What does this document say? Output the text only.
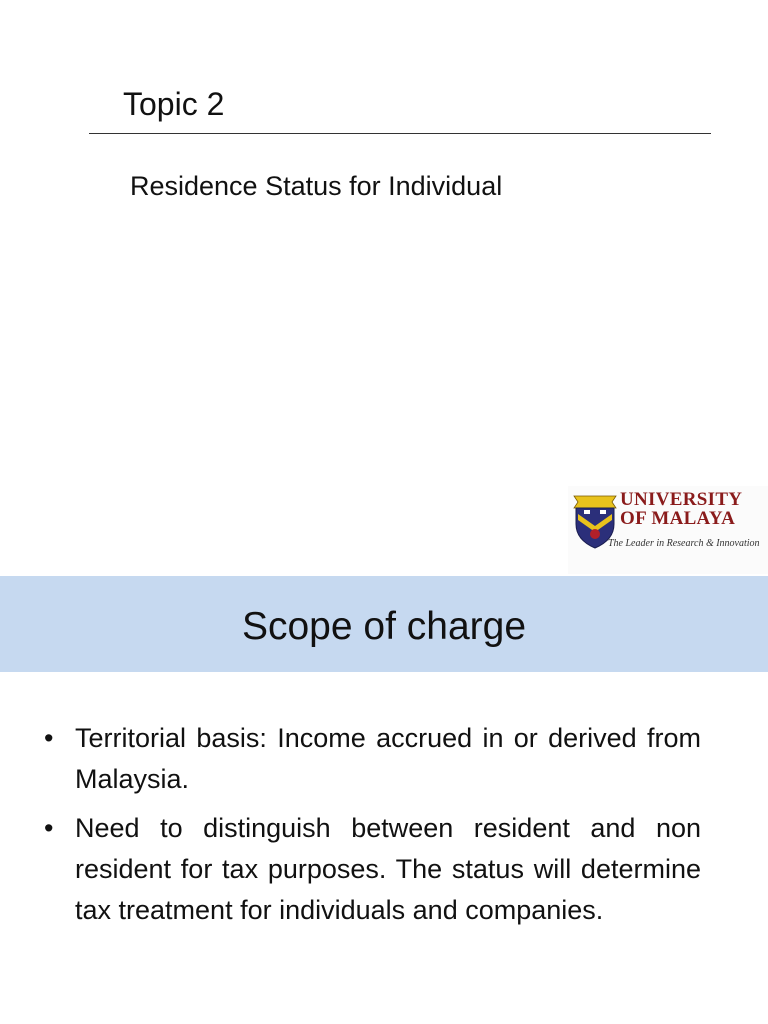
Topic 2

Residence Status for Individual

UNIVERSITY
OF MALAYA
The Leader in Research & Innovation
Scope of charge
• Territorial basis: Income accrued in or derived from Malaysia.
• Need to distinguish between resident and non resident for tax purposes. The status will determine tax treatment for individuals and companies.
